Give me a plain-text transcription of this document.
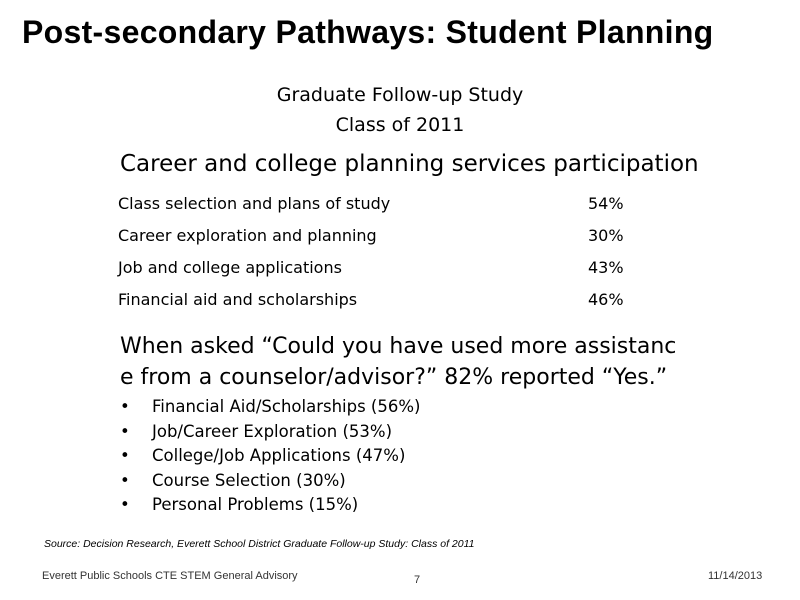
Post-secondary Pathways: Student Planning
Graduate Follow-up Study
Class of 2011
Career and college planning services participation
Class selection and plans of study	54%
Career exploration and planning	30%
Job and college applications	43%
Financial aid and scholarships	46%
When asked “Could you have used more assistanc
e from a counselor/advisor?” 82% reported “Yes.”
• Financial Aid/Scholarships (56%)
• Job/Career Exploration (53%)
• College/Job Applications (47%)
• Course Selection (30%)
• Personal Problems (15%)
Source: Decision Research, Everett School District Graduate Follow-up Study: Class of 2011
Everett Public Schools CTE STEM General Advisory	7	11/14/2013
